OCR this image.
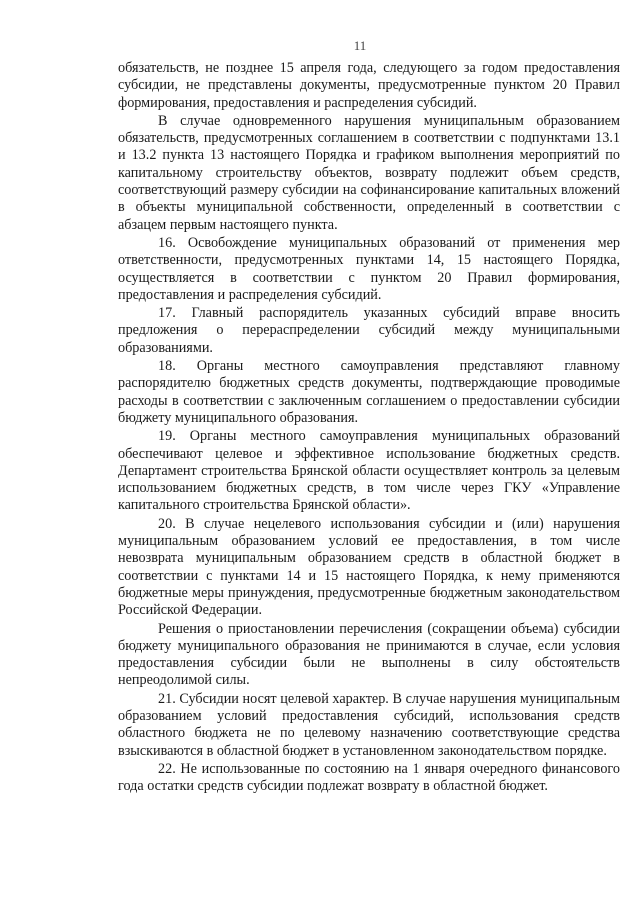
11

обязательств, не позднее 15 апреля года, следующего за годом предоставления субсидии, не представлены документы, предусмотренные пунктом 20 Правил формирования, предоставления и распределения субсидий.

В случае одновременного нарушения муниципальным образованием обязательств, предусмотренных соглашением в соответствии с подпунктами 13.1 и 13.2 пункта 13 настоящего Порядка и графиком выполнения мероприятий по капитальному строительству объектов, возврату подлежит объем средств, соответствующий размеру субсидии на софинансирование капитальных вложений в объекты муниципальной собственности, определенный в соответствии с абзацем первым настоящего пункта.

16. Освобождение муниципальных образований от применения мер ответственности, предусмотренных пунктами 14, 15 настоящего Порядка, осуществляется в соответствии с пунктом 20 Правил формирования, предоставления и распределения субсидий.

17. Главный распорядитель указанных субсидий вправе вносить предложения о перераспределении субсидий между муниципальными образованиями.

18. Органы местного самоуправления представляют главному распорядителю бюджетных средств документы, подтверждающие проводимые расходы в соответствии с заключенным соглашением о предоставлении субсидии бюджету муниципального образования.

19. Органы местного самоуправления муниципальных образований обеспечивают целевое и эффективное использование бюджетных средств. Департамент строительства Брянской области осуществляет контроль за целевым использованием бюджетных средств, в том числе через ГКУ «Управление капитального строительства Брянской области».

20. В случае нецелевого использования субсидии и (или) нарушения муниципальным образованием условий ее предоставления, в том числе невозврата муниципальным образованием средств в областной бюджет в соответствии с пунктами 14 и 15 настоящего Порядка, к нему применяются бюджетные меры принуждения, предусмотренные бюджетным законодательством Российской Федерации.

Решения о приостановлении перечисления (сокращении объема) субсидии бюджету муниципального образования не принимаются в случае, если условия предоставления субсидии были не выполнены в силу обстоятельств непреодолимой силы.

21. Субсидии носят целевой характер. В случае нарушения муниципальным образованием условий предоставления субсидий, использования средств областного бюджета не по целевому назначению соответствующие средства взыскиваются в областной бюджет в установленном законодательством порядке.

22. Не использованные по состоянию на 1 января очередного финансового года остатки средств субсидии подлежат возврату в областной бюджет.
